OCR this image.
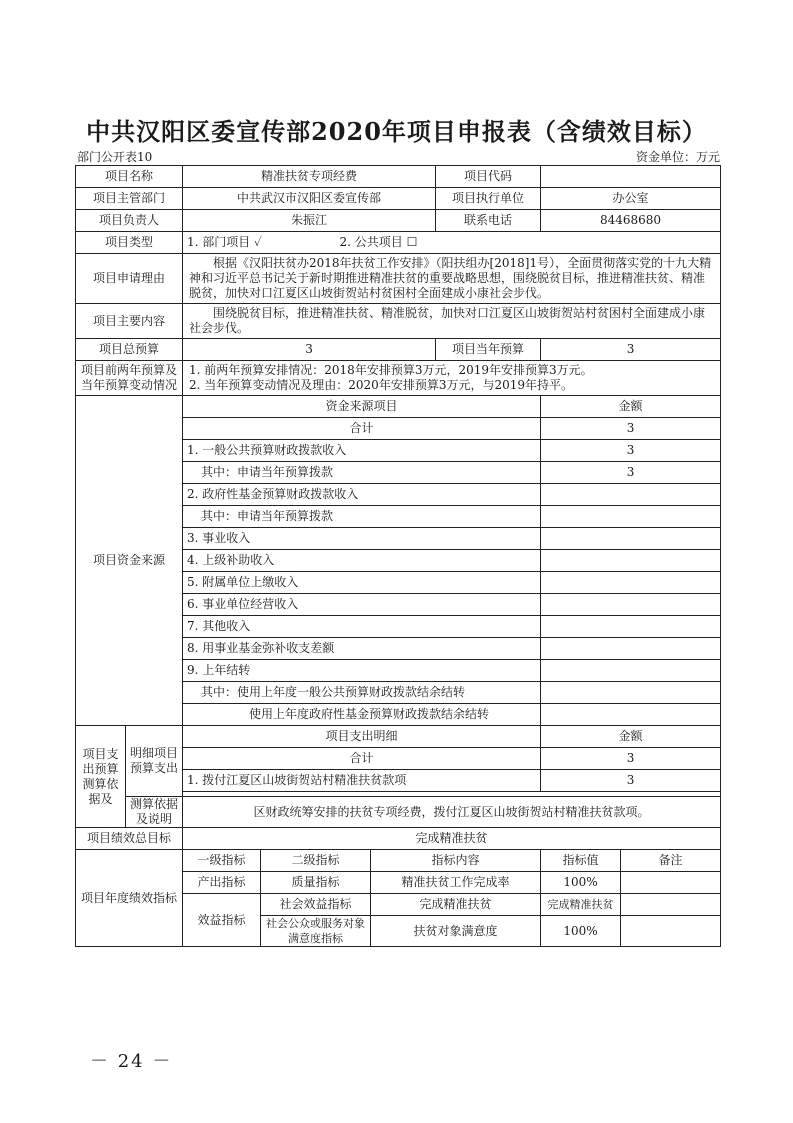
中共汉阳区委宣传部2020年项目申报表（含绩效目标）
部门公开表10	资金单位：万元
项目名称		精准扶贫专项经费			项目代码		
项目主管部门		中共武汉市汉阳区委宣传部			项目执行单位	办公室	
项目负责人		朱振江			联系电话	84468680	
项目类型		1. 部门项目 ✓ 2. 公共项目 ☐					
项目申请理由		根据《汉阳扶贫办2018年扶贫工作安排》（阳扶组办[2018]1号），全面贯彻落实党的十九大精神和习近平总书记关于新时期推进精准扶贫的重要战略思想，围绕脱贫目标，推进精准扶贫、精准脱贫，加快对口江夏区山坡街贺站村贫困村全面建成小康社会步伐。					
项目主要内容		围绕脱贫目标，推进精准扶贫、精准脱贫，加快对口江夏区山坡街贺站村贫困村全面建成小康社会步伐。					
项目总预算		3			项目当年预算	3	
项目前两年预算及当年预算变动情况		1. 前两年预算安排情况：2018年安排预算3万元，2019年安排预算3万元。
2. 当年预算变动情况及理由：2020年安排预算3万元，与2019年持平。					

项目资金来源		资金来源项目				金额	
		合计				3	
		1. 一般公共预算财政拨款收入				3	
		其中：申请当年预算拨款				3	
		2. 政府性基金预算财政拨款收入					
		其中：申请当年预算拨款					
		3. 事业收入					
		4. 上级补助收入					
		5. 附属单位上缴收入					
		6. 事业单位经营收入					
		7. 其他收入					
		8. 用事业基金弥补收支差额					
		9. 上年结转					
		其中：使用上年度一般公共预算财政拨款结余结转					
		使用上年度政府性基金预算财政拨款结余结转					

项目支出预算
测算依据及	明细项目预算支出	项目支出明细				金额	
		合计				3	
		1. 拨付江夏区山坡街贺站村精准扶贫款项				3	

	测算依据及说明	区财政统筹安排的扶贫专项经费，拨付江夏区山坡街贺站村精准扶贫款项。					
项目绩效总目标		完成精准扶贫					
项目年度绩效指标		一级指标	二级指标	指标内容		指标值	备注
		产出指标	质量指标	精准扶贫工作完成率		100%	
		效益指标	社会效益指标	完成精准扶贫		完成精准扶贫	
			社会公众或服务对象满意度指标	扶贫对象满意度		100%	
－ 24 －
